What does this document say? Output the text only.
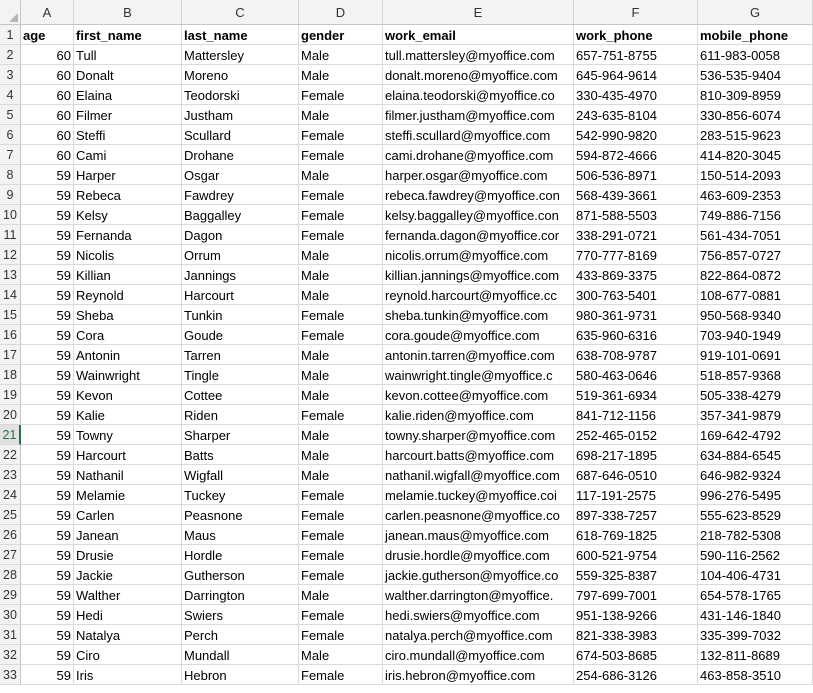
A	B	C	D	E	F	G
1 age	first_name	last_name	gender	work_email	work_phone	mobile_phone
2	60 Tull	Mattersley	Male	tull.mattersley@myoffice.com	657-751-8755	611-983-0058
3	60 Donalt	Moreno	Male	donalt.moreno@myoffice.com	645-964-9614	536-535-9404
4	60 Elaina	Teodorski	Female	elaina.teodorski@myoffice.co	330-435-4970	810-309-8959
5	60 Filmer	Justham	Male	filmer.justham@myoffice.com	243-635-8104	330-856-6074
6	60 Steffi	Scullard	Female	steffi.scullard@myoffice.com	542-990-9820	283-515-9623
7	60 Cami	Drohane	Female	cami.drohane@myoffice.com	594-872-4666	414-820-3045
8	59 Harper	Osgar	Male	harper.osgar@myoffice.com	506-536-8971	150-514-2093
9	59 Rebeca	Fawdrey	Female	rebeca.fawdrey@myoffice.con	568-439-3661	463-609-2353
10	59 Kelsy	Baggalley	Female	kelsy.baggalley@myoffice.con	871-588-5503	749-886-7156
11	59 Fernanda	Dagon	Female	fernanda.dagon@myoffice.cor	338-291-0721	561-434-7051
12	59 Nicolis	Orrum	Male	nicolis.orrum@myoffice.com	770-777-8169	756-857-0727
13	59 Killian	Jannings	Male	killian.jannings@myoffice.com	433-869-3375	822-864-0872
14	59 Reynold	Harcourt	Male	reynold.harcourt@myoffice.cc	300-763-5401	108-677-0881
15	59 Sheba	Tunkin	Female	sheba.tunkin@myoffice.com	980-361-9731	950-568-9340
16	59 Cora	Goude	Female	cora.goude@myoffice.com	635-960-6316	703-940-1949
17	59 Antonin	Tarren	Male	antonin.tarren@myoffice.com	638-708-9787	919-101-0691
18	59 Wainwright	Tingle	Male	wainwright.tingle@myoffice.c	580-463-0646	518-857-9368
19	59 Kevon	Cottee	Male	kevon.cottee@myoffice.com	519-361-6934	505-338-4279
20	59 Kalie	Riden	Female	kalie.riden@myoffice.com	841-712-1156	357-341-9879
21	59 Towny	Sharper	Male	towny.sharper@myoffice.com	252-465-0152	169-642-4792
22	59 Harcourt	Batts	Male	harcourt.batts@myoffice.com	698-217-1895	634-884-6545
23	59 Nathanil	Wigfall	Male	nathanil.wigfall@myoffice.com	687-646-0510	646-982-9324
24	59 Melamie	Tuckey	Female	melamie.tuckey@myoffice.coi	117-191-2575	996-276-5495
25	59 Carlen	Peasnone	Female	carlen.peasnone@myoffice.co	897-338-7257	555-623-8529
26	59 Janean	Maus	Female	janean.maus@myoffice.com	618-769-1825	218-782-5308
27	59 Drusie	Hordle	Female	drusie.hordle@myoffice.com	600-521-9754	590-116-2562
28	59 Jackie	Gutherson	Female	jackie.gutherson@myoffice.co	559-325-8387	104-406-4731
29	59 Walther	Darrington	Male	walther.darrington@myoffice.	797-699-7001	654-578-1765
30	59 Hedi	Swiers	Female	hedi.swiers@myoffice.com	951-138-9266	431-146-1840
31	59 Natalya	Perch	Female	natalya.perch@myoffice.com	821-338-3983	335-399-7032
32	59 Ciro	Mundall	Male	ciro.mundall@myoffice.com	674-503-8685	132-811-8689
33	59 Iris	Hebron	Female	iris.hebron@myoffice.com	254-686-3126	463-858-3510
